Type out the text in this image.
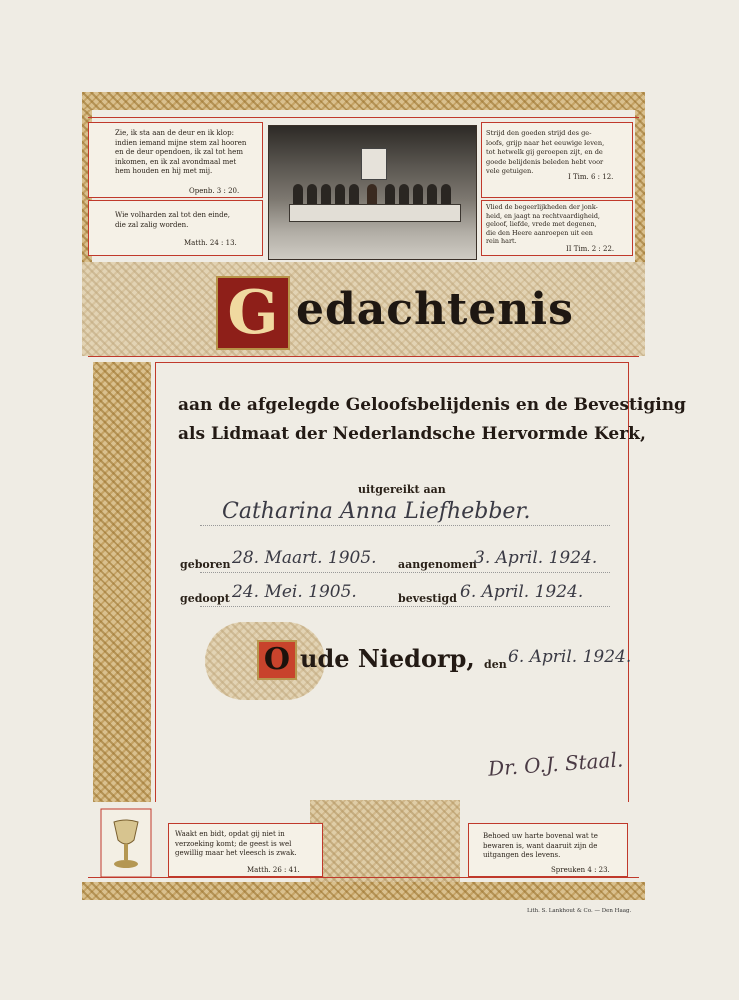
Zie, ik sta aan de deur en ik klop:
indien iemand mijne stem zal hooren
en de deur opendoen, ik zal tot hem
inkomen, en ik zal avondmaal met
hem houden en hij met mij.
Openb. 3 : 20.
Wie volharden zal tot den einde,
die zal zalig worden.
Matth. 24 : 13.
Strijd den goeden strijd des ge-
loofs, grijp naar het eeuwige leven,
tot hetwelk gij geroepen zijt, en de
goede belijdenis beleden hebt voor
vele getuigen.
I Tim. 6 : 12.
Vlied de begeerlijkheden der jonk-
heid, en jaagt na rechtvaardigheid,
geloof, liefde, vrede met degenen,
die den Heere aanroepen uit een
rein hart.
II Tim. 2 : 22.
Waakt en bidt, opdat gij niet in
verzoeking komt; de geest is wel
gewillig maar het vleesch is zwak.
Matth. 26 : 41.
Behoed uw harte bovenal wat te
bewaren is, want daaruit zijn de
uitgangen des levens.
Spreuken 4 : 23.
G edachtenis
aan de afgelegde Geloofsbelijdenis en de Bevestiging
als Lidmaat der Nederlandsche Hervormde Kerk,
uitgereikt aan
Catharina Anna Liefhebber.
geboren 28. Maart. 1905. aangenomen
3. April. 1924.
gedoopt 24. Mei. 1905.	bevestigd 6. April. 1924.
O ude Niedorp, den 6. April. 1924.
Dr. O.J. Staal.
Lith. S. Lankhout & Co. — Den Haag.
